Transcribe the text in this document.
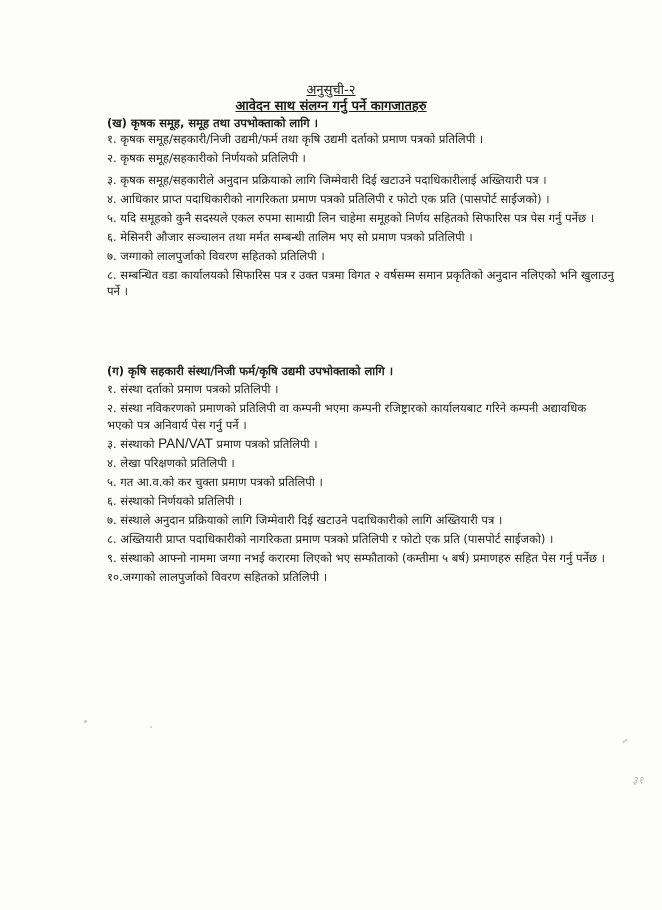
अनुसुची-२
आवेदन साथ संलग्न गर्नु पर्ने कागजातहरु

(ख) कृषक समूह, समूह तथा उपभोक्ताको लागि ।

१. कृषक समूह/सहकारी/निजी उद्यमी/फर्म तथा कृषि उद्यमी दर्ताको प्रमाण पत्रको प्रतिलिपी ।
२. कृषक समूह/सहकारीको निर्णयको प्रतिलिपी ।
३. कृषक समूह/सहकारीले अनुदान प्रक्रियाको लागि जिम्मेवारी दिई खटाउने पदाधिकारीलाई अख्तियारी पत्र ।
४. आधिकार प्राप्त पदाधिकारीको नागरिकता प्रमाण पत्रको प्रतिलिपी र फोटो एक प्रति (पासपोर्ट साईजको) ।
५. यदि समूहको कुनै सदस्यले एकल रुपमा सामाग्री लिन चाहेमा समूहको निर्णय सहितको सिफारिस पत्र पेस गर्नु पर्नेछ ।
६. मेसिनरी औजार सञ्चालन तथा मर्मत सम्बन्धी तालिम भए सो प्रमाण पत्रको प्रतिलिपी ।
७. जग्गाको लालपुर्जाको विवरण सहितको प्रतिलिपी ।
८. सम्बन्धित वडा कार्यालयको सिफारिस पत्र र उक्त पत्रमा विगत २ वर्षसम्म समान प्रकृतिको अनुदान नलिएको भनि खुलाउनु पर्ने ।

(ग) कृषि सहकारी संस्था/निजी फर्म/कृषि उद्यमी उपभोक्ताको लागि ।

१. संस्था दर्ताको प्रमाण पत्रको प्रतिलिपी ।
२. संस्था नविकरणको प्रमाणको प्रतिलिपी वा कम्पनी भएमा कम्पनी रजिष्ट्रारको कार्यालयबाट गरिने कम्पनी अद्यावधिक भएको पत्र अनिवार्य पेस गर्नु पर्ने ।
३. संस्थाको PAN/VAT प्रमाण पत्रको प्रतिलिपी ।
४. लेखा परिक्षणको प्रतिलिपी ।
५. गत आ.व.को कर चुक्ता प्रमाण पत्रको प्रतिलिपी ।
६. संस्थाको निर्णयको प्रतिलिपी ।
७. संस्थाले अनुदान प्रक्रियाको लागि जिम्मेवारी दिई खटाउने पदाधिकारीको लागि अख्तियारी पत्र ।
८. अख्तियारी प्राप्त पदाधिकारीको नागरिकता प्रमाण पत्रको प्रतिलिपी र फोटो एक प्रति (पासपोर्ट साईजको) ।
९. संस्थाको आफ्नो नाममा जग्गा नभई करारमा लिएको भए सम्फौताको (कम्तीमा ५ बर्ष) प्रमाणहरु सहित पेस गर्नु पर्नेछ ।
१०.जग्गाको लालपुर्जाको विवरण सहितको प्रतिलिपी ।
३१
